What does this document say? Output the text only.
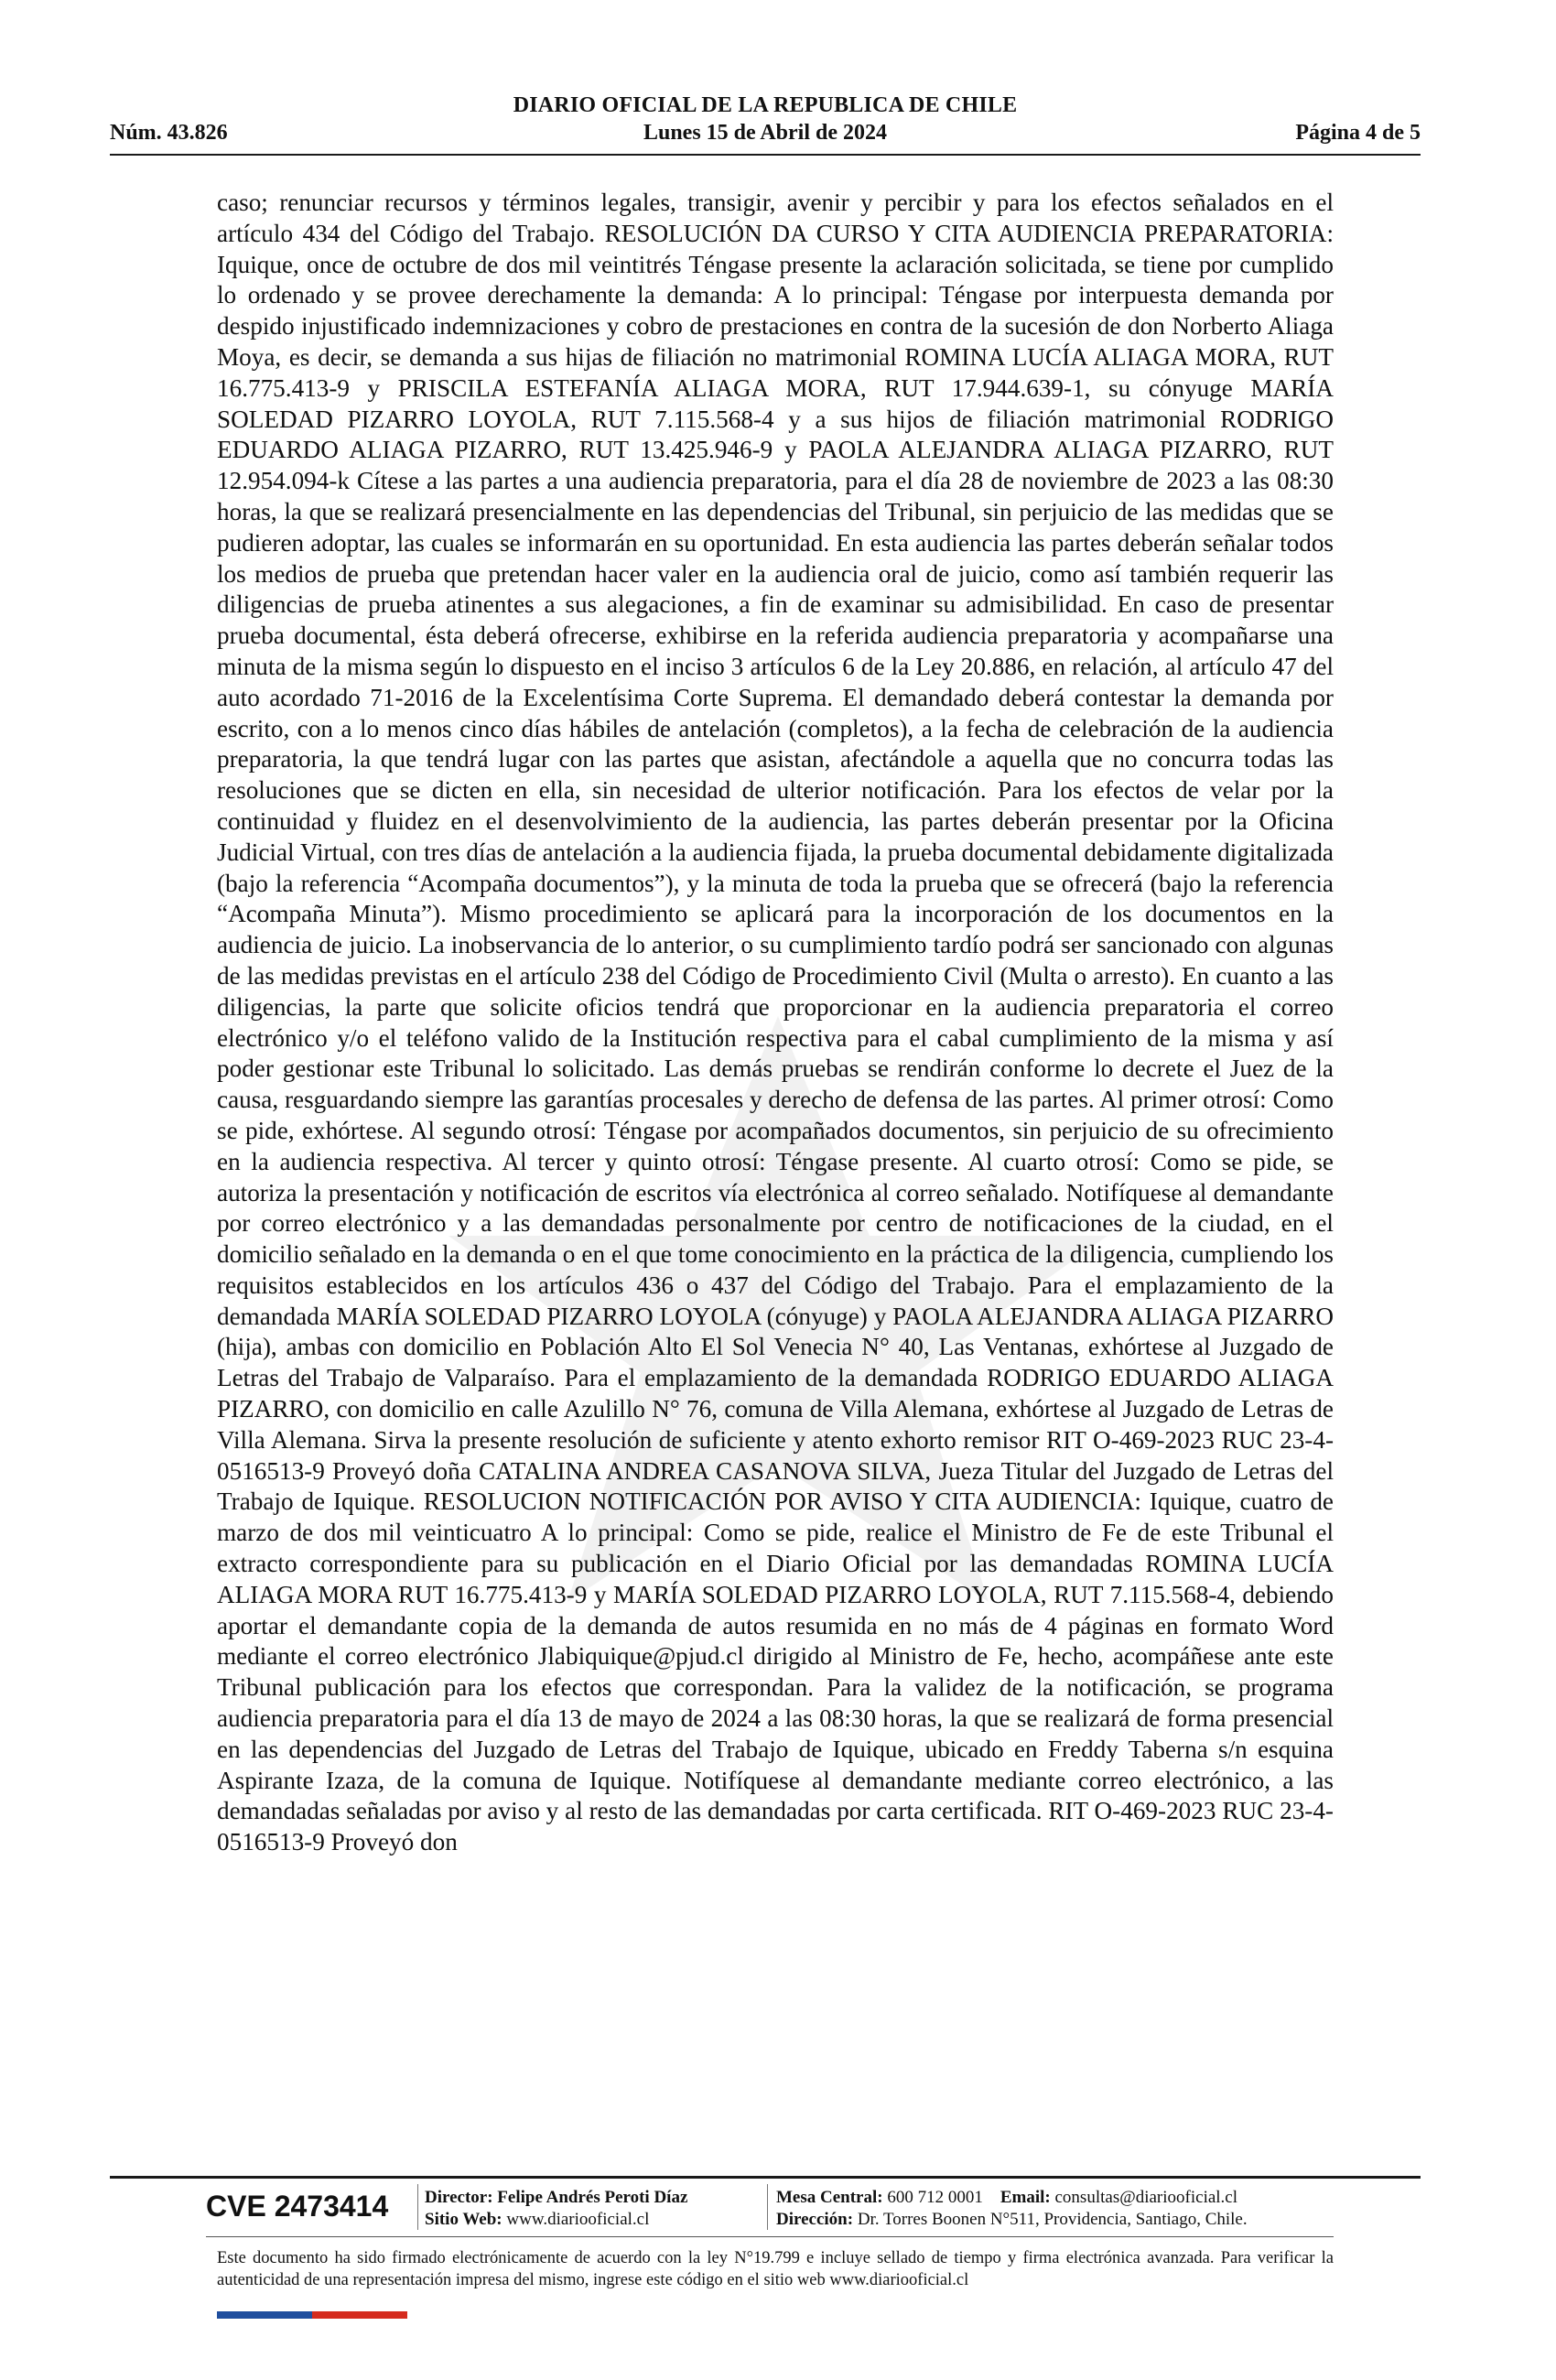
DIARIO OFICIAL DE LA REPUBLICA DE CHILE
Lunes 15 de Abril de 2024
Núm. 43.826	Página 4 de 5
caso; renunciar recursos y términos legales, transigir, avenir y percibir y para los efectos señalados en el artículo 434 del Código del Trabajo. RESOLUCIÓN DA CURSO Y CITA AUDIENCIA PREPARATORIA: Iquique, once de octubre de dos mil veintitrés Téngase presente la aclaración solicitada, se tiene por cumplido lo ordenado y se provee derechamente la demanda: A lo principal: Téngase por interpuesta demanda por despido injustificado indemnizaciones y cobro de prestaciones en contra de la sucesión de don Norberto Aliaga Moya, es decir, se demanda a sus hijas de filiación no matrimonial ROMINA LUCÍA ALIAGA MORA, RUT 16.775.413-9 y PRISCILA ESTEFANÍA ALIAGA MORA, RUT 17.944.639-1, su cónyuge MARÍA SOLEDAD PIZARRO LOYOLA, RUT 7.115.568-4 y a sus hijos de filiación matrimonial RODRIGO EDUARDO ALIAGA PIZARRO, RUT 13.425.946-9 y PAOLA ALEJANDRA ALIAGA PIZARRO, RUT 12.954.094-k Cítese a las partes a una audiencia preparatoria, para el día 28 de noviembre de 2023 a las 08:30 horas, la que se realizará presencialmente en las dependencias del Tribunal, sin perjuicio de las medidas que se pudieren adoptar, las cuales se informarán en su oportunidad. En esta audiencia las partes deberán señalar todos los medios de prueba que pretendan hacer valer en la audiencia oral de juicio, como así también requerir las diligencias de prueba atinentes a sus alegaciones, a fin de examinar su admisibilidad. En caso de presentar prueba documental, ésta deberá ofrecerse, exhibirse en la referida audiencia preparatoria y acompañarse una minuta de la misma según lo dispuesto en el inciso 3 artículos 6 de la Ley 20.886, en relación, al artículo 47 del auto acordado 71-2016 de la Excelentísima Corte Suprema. El demandado deberá contestar la demanda por escrito, con a lo menos cinco días hábiles de antelación (completos), a la fecha de celebración de la audiencia preparatoria, la que tendrá lugar con las partes que asistan, afectándole a aquella que no concurra todas las resoluciones que se dicten en ella, sin necesidad de ulterior notificación. Para los efectos de velar por la continuidad y fluidez en el desenvolvimiento de la audiencia, las partes deberán presentar por la Oficina Judicial Virtual, con tres días de antelación a la audiencia fijada, la prueba documental debidamente digitalizada (bajo la referencia “Acompaña documentos”), y la minuta de toda la prueba que se ofrecerá (bajo la referencia “Acompaña Minuta”). Mismo procedimiento se aplicará para la incorporación de los documentos en la audiencia de juicio. La inobservancia de lo anterior, o su cumplimiento tardío podrá ser sancionado con algunas de las medidas previstas en el artículo 238 del Código de Procedimiento Civil (Multa o arresto). En cuanto a las diligencias, la parte que solicite oficios tendrá que proporcionar en la audiencia preparatoria el correo electrónico y/o el teléfono valido de la Institución respectiva para el cabal cumplimiento de la misma y así poder gestionar este Tribunal lo solicitado. Las demás pruebas se rendirán conforme lo decrete el Juez de la causa, resguardando siempre las garantías procesales y derecho de defensa de las partes. Al primer otrosí: Como se pide, exhórtese. Al segundo otrosí: Téngase por acompañados documentos, sin perjuicio de su ofrecimiento en la audiencia respectiva. Al tercer y quinto otrosí: Téngase presente. Al cuarto otrosí: Como se pide, se autoriza la presentación y notificación de escritos vía electrónica al correo señalado. Notifíquese al demandante por correo electrónico y a las demandadas personalmente por centro de notificaciones de la ciudad, en el domicilio señalado en la demanda o en el que tome conocimiento en la práctica de la diligencia, cumpliendo los requisitos establecidos en los artículos 436 o 437 del Código del Trabajo. Para el emplazamiento de la demandada MARÍA SOLEDAD PIZARRO LOYOLA (cónyuge) y PAOLA ALEJANDRA ALIAGA PIZARRO (hija), ambas con domicilio en Población Alto El Sol Venecia N° 40, Las Ventanas, exhórtese al Juzgado de Letras del Trabajo de Valparaíso. Para el emplazamiento de la demandada RODRIGO EDUARDO ALIAGA PIZARRO, con domicilio en calle Azulillo N° 76, comuna de Villa Alemana, exhórtese al Juzgado de Letras de Villa Alemana. Sirva la presente resolución de suficiente y atento exhorto remisor RIT O-469-2023 RUC 23-4-0516513-9 Proveyó doña CATALINA ANDREA CASANOVA SILVA, Jueza Titular del Juzgado de Letras del Trabajo de Iquique. RESOLUCION NOTIFICACIÓN POR AVISO Y CITA AUDIENCIA: Iquique, cuatro de marzo de dos mil veinticuatro A lo principal: Como se pide, realice el Ministro de Fe de este Tribunal el extracto correspondiente para su publicación en el Diario Oficial por las demandadas ROMINA LUCÍA ALIAGA MORA RUT 16.775.413-9 y MARÍA SOLEDAD PIZARRO LOYOLA, RUT 7.115.568-4, debiendo aportar el demandante copia de la demanda de autos resumida en no más de 4 páginas en formato Word mediante el correo electrónico Jlabiquique@pjud.cl dirigido al Ministro de Fe, hecho, acompáñese ante este Tribunal publicación para los efectos que correspondan. Para la validez de la notificación, se programa audiencia preparatoria para el día 13 de mayo de 2024 a las 08:30 horas, la que se realizará de forma presencial en las dependencias del Juzgado de Letras del Trabajo de Iquique, ubicado en Freddy Taberna s/n esquina Aspirante Izaza, de la comuna de Iquique. Notifíquese al demandante mediante correo electrónico, a las demandadas señaladas por aviso y al resto de las demandadas por carta certificada. RIT O-469-2023 RUC 23-4-0516513-9 Proveyó don
CVE 2473414 Director: Felipe Andrés Peroti Díaz
Sitio Web: www.diariooficial.cl
Mesa Central: 600 712 0001 Email: consultas@diariooficial.cl
Dirección: Dr. Torres Boonen N°511, Providencia, Santiago, Chile.
Este documento ha sido firmado electrónicamente de acuerdo con la ley N°19.799 e incluye sellado de tiempo y firma electrónica avanzada. Para verificar la autenticidad de una representación impresa del mismo, ingrese este código en el sitio web www.diariooficial.cl
